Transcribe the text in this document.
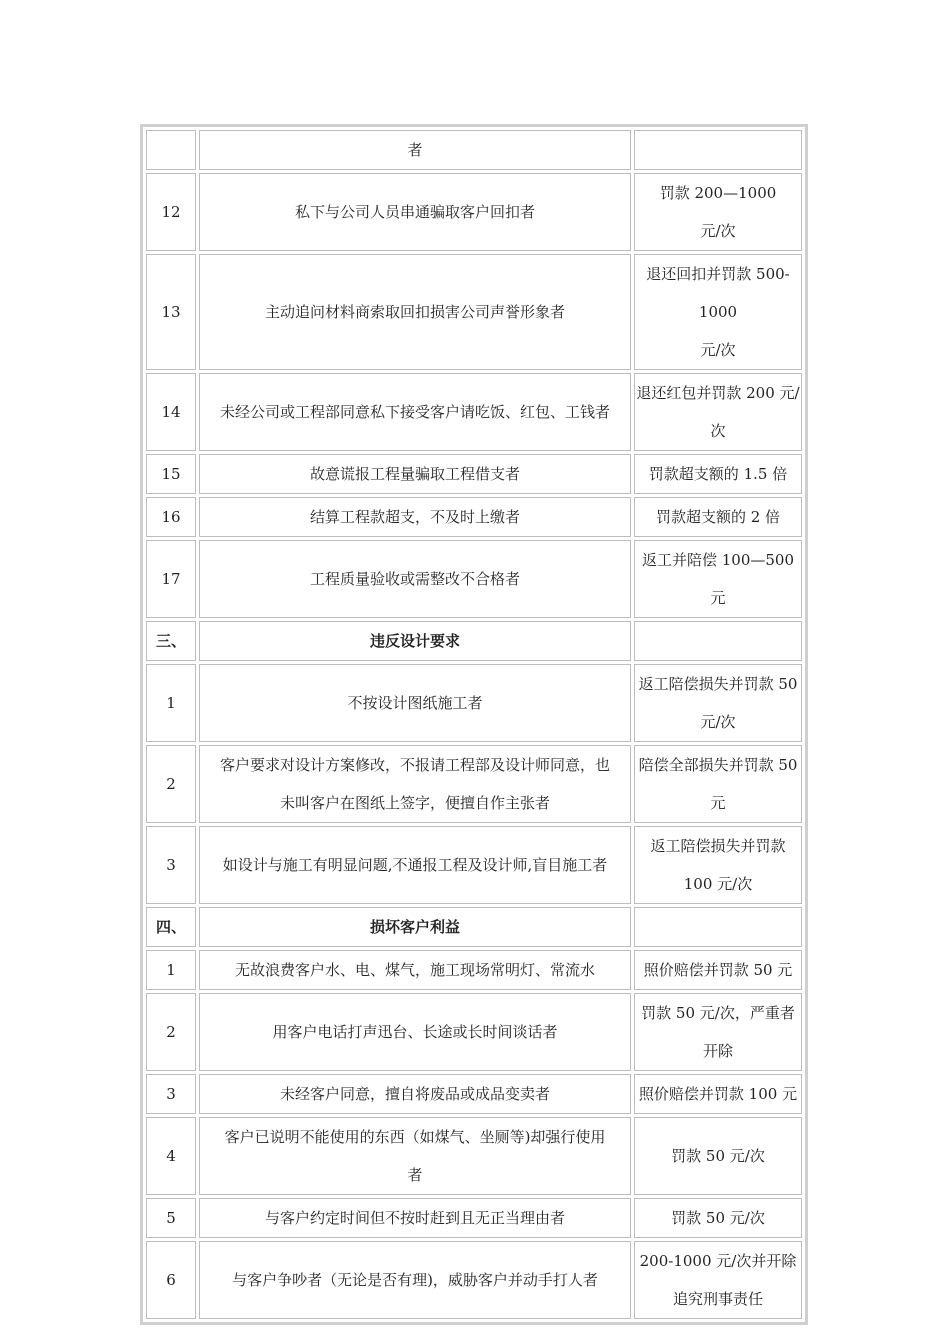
	者	

12	私下与公司人员串通骗取客户回扣者	罚款 200—1000
元/次

13	主动追问材料商索取回扣损害公司声誉形象者	退还回扣并罚款 500-
1000
元/次

14	未经公司或工程部同意私下接受客户请吃饭、红包、工钱者	退还红包并罚款 200 元/
次

15	故意谎报工程量骗取工程借支者	罚款超支额的 1.5 倍

16	结算工程款超支，不及时上缴者	罚款超支额的 2 倍

17	工程质量验收或需整改不合格者	返工并陪偿 100—500 元

三、	违反设计要求	

1	不按设计图纸施工者	返工陪偿损失并罚款 50
元/次

2	客户要求对设计方案修改，不报请工程部及设计师同意，也
未叫客户在图纸上签字，便擅自作主张者	陪偿全部损失并罚款 50
元

3	如设计与施工有明显问题,不通报工程及设计师,盲目施工者	返工陪偿损失并罚款
100 元/次

四、	损坏客户利益	

1	无故浪费客户水、电、煤气，施工现场常明灯、常流水	照价赔偿并罚款 50 元

2	用客户电话打声迅台、长途或长时间谈话者	罚款 50 元/次，严重者
开除

3	未经客户同意，擅自将废品或成品变卖者	照价赔偿并罚款 100 元

4	客户已说明不能使用的东西（如煤气、坐厕等)却强行使用
者	罚款 50 元/次

5	与客户约定时间但不按时赶到且无正当理由者	罚款 50 元/次

6	与客户争吵者（无论是否有理)，威胁客户并动手打人者	200-1000 元/次并开除
追究刑事责任
